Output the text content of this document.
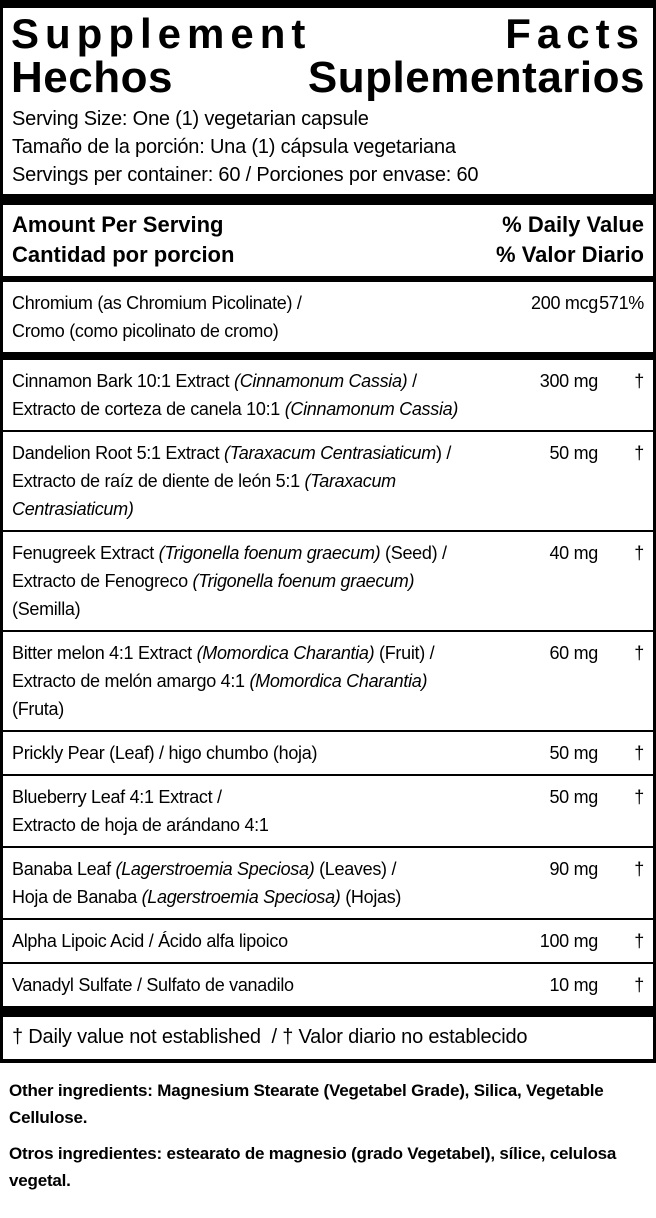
Supplement Facts
Hechos Suplementarios
Serving Size: One (1) vegetarian capsule
Tamaño de la porción: Una (1) cápsula vegetariana
Servings per container: 60 / Porciones por envase: 60
Amount Per Serving
Cantidad por porcion
% Daily Value
% Valor Diario
Chromium (as Chromium Picolinate) /
Cromo (como picolinato de cromo)
200 mcg 571%
Cinnamon Bark 10:1 Extract (Cinnamonum Cassia) /
Extracto de corteza de canela 10:1 (Cinnamonum Cassia)
300 mg	†
Dandelion Root 5:1 Extract (Taraxacum Centrasiaticum) /
Extracto de raíz de diente de león 5:1 (Taraxacum
Centrasiaticum)
50 mg	†
Fenugreek Extract (Trigonella foenum graecum) (Seed) /
Extracto de Fenogreco (Trigonella foenum graecum)
(Semilla)
40 mg	†
Bitter melon 4:1 Extract (Momordica Charantia) (Fruit) /
Extracto de melón amargo 4:1 (Momordica Charantia)
(Fruta)
60 mg	†
Prickly Pear (Leaf) / higo chumbo (hoja)	50 mg	†
Blueberry Leaf 4:1 Extract /
Extracto de hoja de arándano 4:1
50 mg	†
Banaba Leaf (Lagerstroemia Speciosa) (Leaves) /
Hoja de Banaba (Lagerstroemia Speciosa) (Hojas)
90 mg	†
Alpha Lipoic Acid / Ácido alfa lipoico	100 mg	†
Vanadyl Sulfate / Sulfato de vanadilo	10 mg	†
† Daily value not established  / † Valor diario no establecido

Other ingredients: Magnesium Stearate (Vegetabel Grade), Silica, Vegetable Cellulose.

Otros ingredientes: estearato de magnesio (grado Vegetabel), sílice, celulosa vegetal.
